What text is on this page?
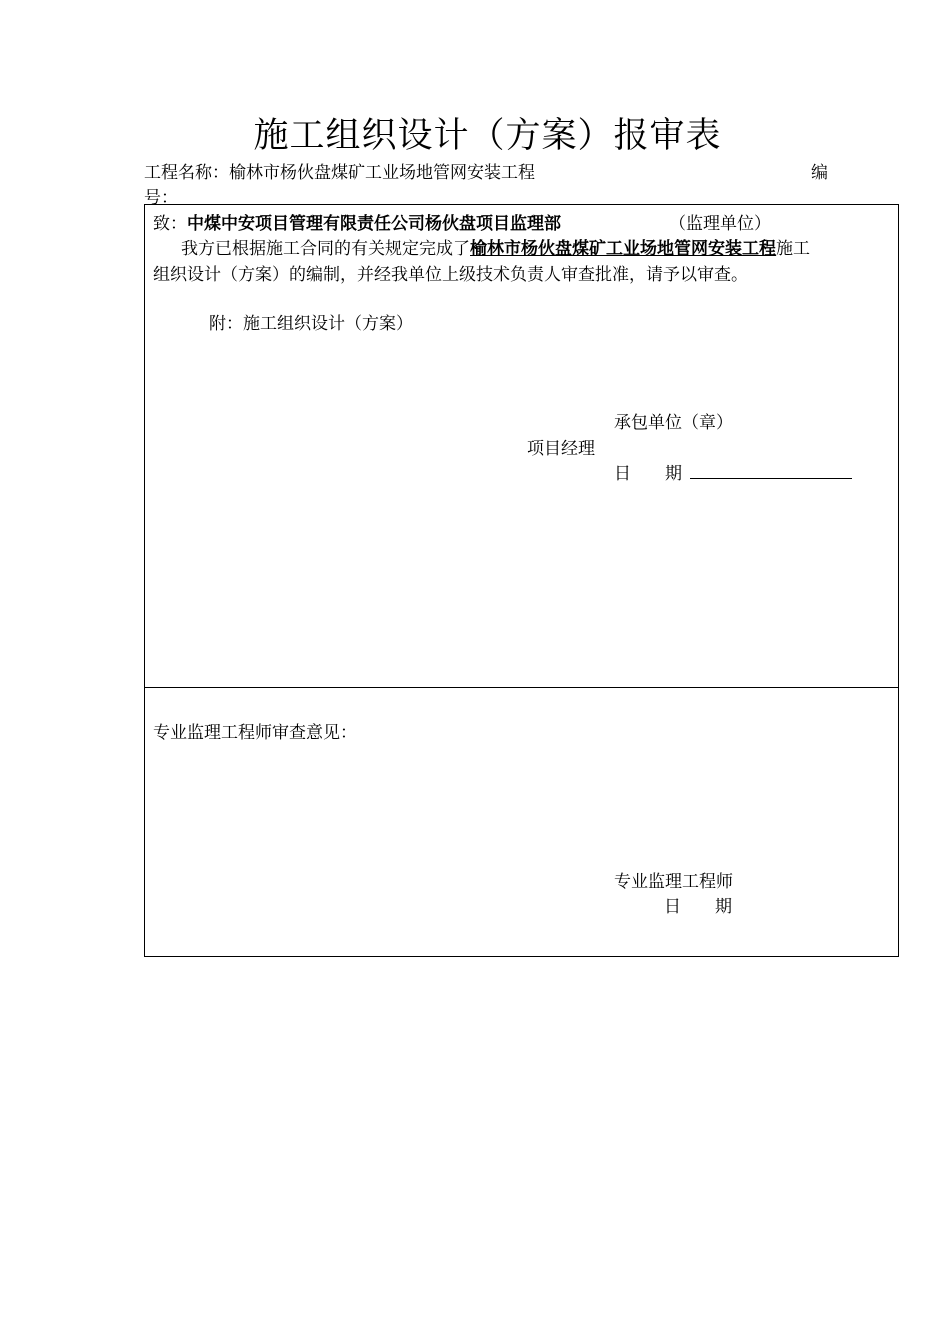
施工组织设计（方案）报审表
工程名称：榆林市杨伙盘煤矿工业场地管网安装工程	编
号：
致：中煤中安项目管理有限责任公司杨伙盘项目监理部	（监理单位）
我方已根据施工合同的有关规定完成了榆林市杨伙盘煤矿工业场地管网安装工程施工
组织设计（方案）的编制，并经我单位上级技术负责人审查批准，请予以审查。
附：施工组织设计（方案）
承包单位（章）
项目经理
日　　期
专业监理工程师审查意见：
专业监理工程师
日　　期
